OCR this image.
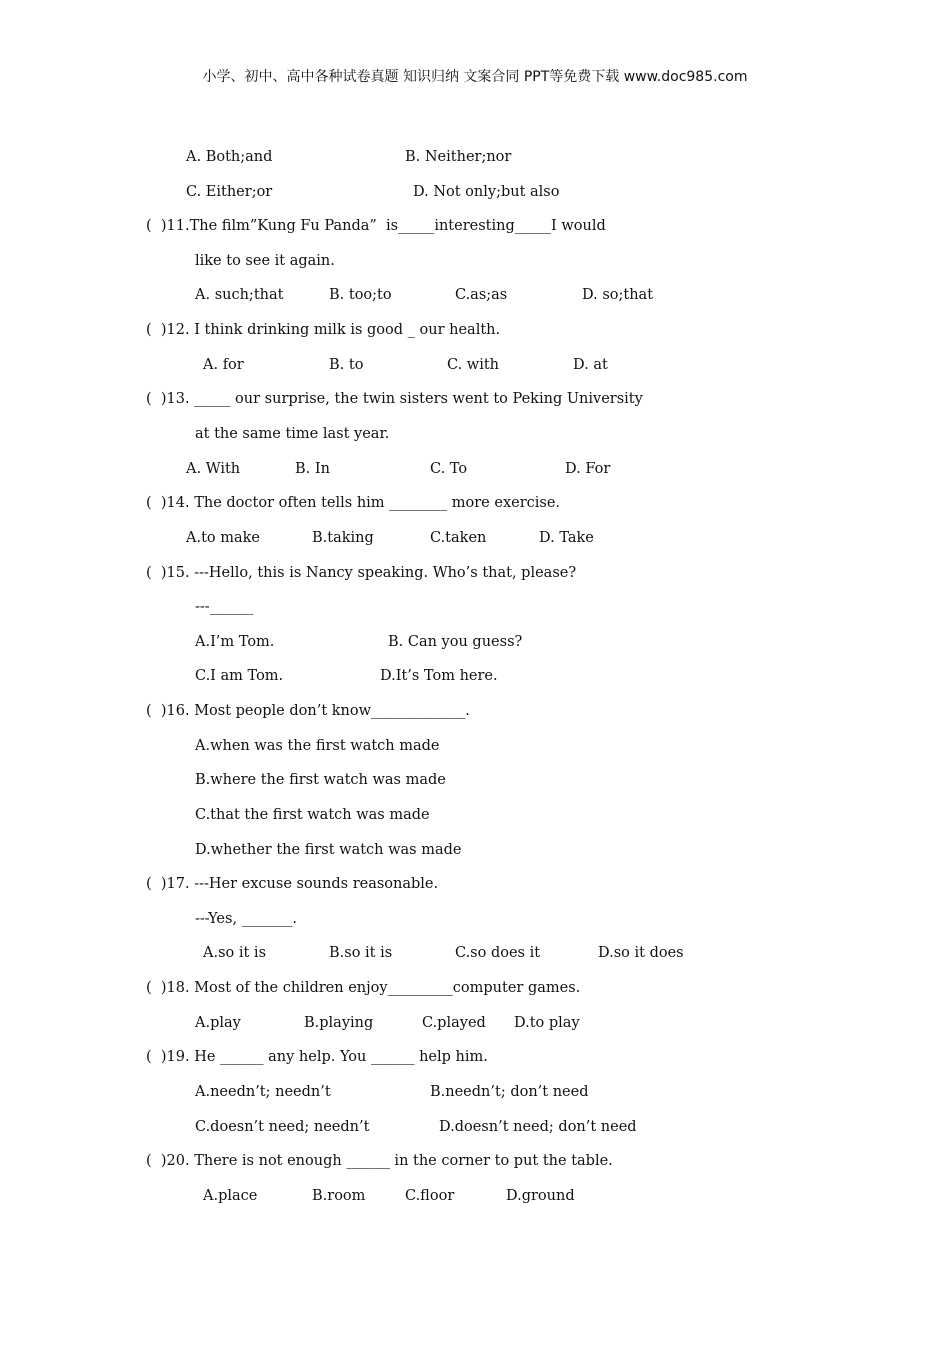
小学、初中、高中各种试卷真题 知识归纳 文案合同 PPT等免费下载 www.doc985.com
A. Both;and	B. Neither;nor
C. Either;or	D. Not only;but also
(  )11.The film”Kung Fu Panda”  is_____interesting_____I would
like to see it again.
A. such;that	B. too;to	C.as;as	D. so;that
(  )12. I think drinking milk is good _ our health.
A. for	B. to	C. with	D. at
(  )13. _____ our surprise, the twin sisters went to Peking University
at the same time last year.
A. With	B. In	C. To	D. For
(  )14. The doctor often tells him ________ more exercise.
A.to make	B.taking	C.taken	D. Take
(  )15. ---Hello, this is Nancy speaking. Who’s that, please?
---______
A.I’m Tom.	B. Can you guess?
C.I am Tom.	D.It’s Tom here.
(  )16. Most people don’t know_____________.
A.when was the first watch made
B.where the first watch was made
C.that the first watch was made
D.whether the first watch was made
(  )17. ---Her excuse sounds reasonable.
---Yes, _______.
A.so it is	B.so it is	C.so does it	D.so it does
(  )18. Most of the children enjoy_________computer games.
A.play	B.playing	C.played D.to play
(  )19. He ______ any help. You ______ help him.
A.needn’t; needn’t	B.needn’t; don’t need
C.doesn’t need; needn’t	D.doesn’t need; don’t need
(  )20. There is not enough ______ in the corner to put the table.
A.place	B.room	C.floor	D.ground
